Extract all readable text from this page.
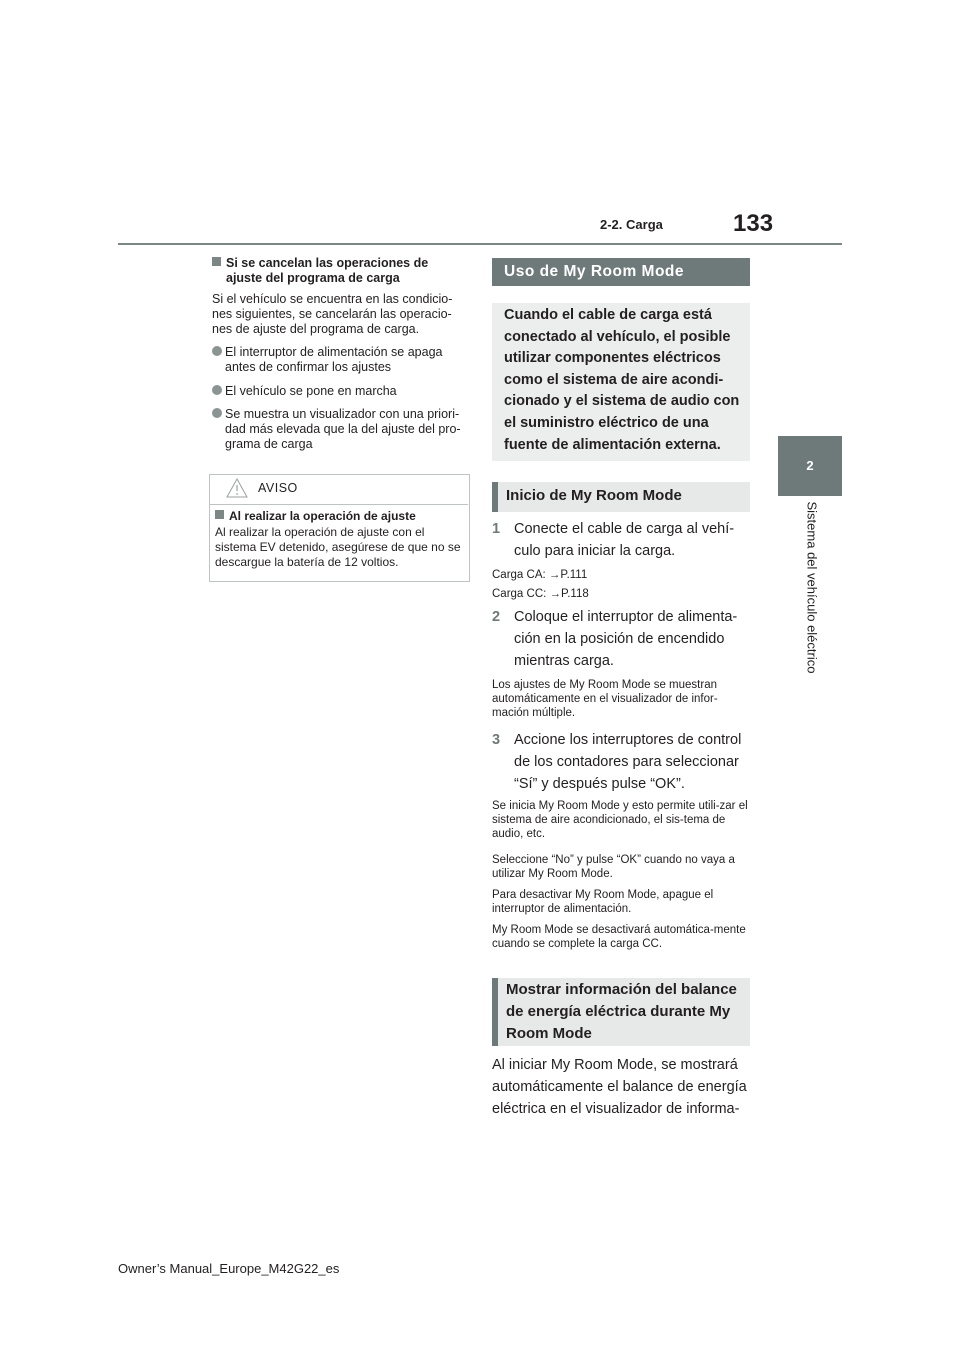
2-2. Carga	133
2
Sistema del vehículo eléctrico
Si se cancelan las operaciones de ajuste del programa de carga
Si el vehículo se encuentra en las condicio-nes siguientes, se cancelarán las operacio-nes de ajuste del programa de carga.
El interruptor de alimentación se apaga antes de confirmar los ajustes
El vehículo se pone en marcha
Se muestra un visualizador con una priori-dad más elevada que la del ajuste del pro-grama de carga
AVISO
Al realizar la operación de ajuste
Al realizar la operación de ajuste con el sistema EV detenido, asegúrese de que no se descargue la batería de 12 voltios.
Uso de My Room Mode
Cuando el cable de carga está conectado al vehículo, el posible utilizar componentes eléctricos como el sistema de aire acondi-cionado y el sistema de audio con el suministro eléctrico de una fuente de alimentación externa.
Inicio de My Room Mode
1 Conecte el cable de carga al vehí-culo para iniciar la carga.
Carga CA: →P.111
Carga CC: →P.118
2 Coloque el interruptor de alimenta-ción en la posición de encendido mientras carga.
Los ajustes de My Room Mode se muestran automáticamente en el visualizador de infor-mación múltiple.
3 Accione los interruptores de control de los contadores para seleccionar “Sí” y después pulse “OK”.
Se inicia My Room Mode y esto permite utili-zar el sistema de aire acondicionado, el sis-tema de audio, etc.
Seleccione “No” y pulse “OK” cuando no vaya a utilizar My Room Mode.
Para desactivar My Room Mode, apague el interruptor de alimentación.
My Room Mode se desactivará automática-mente cuando se complete la carga CC.
Mostrar información del balance de energía eléctrica durante My Room Mode
Al iniciar My Room Mode, se mostrará automáticamente el balance de energía eléctrica en el visualizador de informa-
Owner’s Manual_Europe_M42G22_es
